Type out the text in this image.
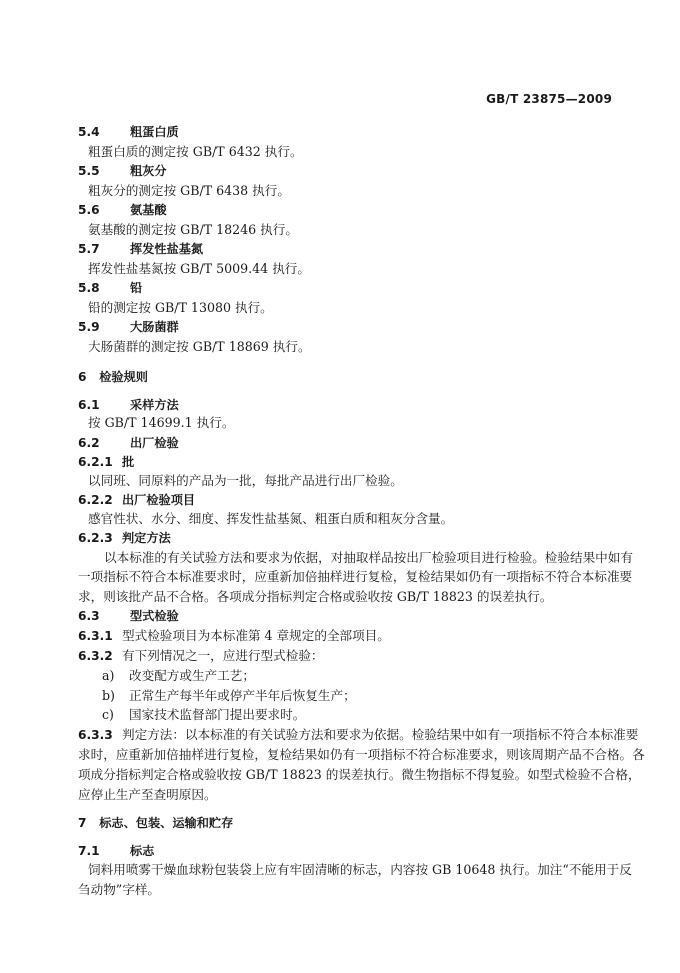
GB/T 23875—2009
5.4 粗蛋白质
粗蛋白质的测定按 GB/T 6432 执行。
5.5 粗灰分
粗灰分的测定按 GB/T 6438 执行。
5.6 氨基酸
氨基酸的测定按 GB/T 18246 执行。
5.7 挥发性盐基氮
挥发性盐基氮按 GB/T 5009.44 执行。
5.8 铅
铅的测定按 GB/T 13080 执行。
5.9 大肠菌群
大肠菌群的测定按 GB/T 18869 执行。
6   检验规则
6.1 采样方法
按 GB/T 14699.1 执行。
6.2 出厂检验
6.2.1 批
以同班、同原料的产品为一批，每批产品进行出厂检验。
6.2.2 出厂检验项目
感官性状、水分、细度、挥发性盐基氮、粗蛋白质和粗灰分含量。
6.2.3 判定方法
以本标准的有关试验方法和要求为依据，对抽取样品按出厂检验项目进行检验。检验结果中如有
一项指标不符合本标准要求时，应重新加倍抽样进行复检，复检结果如仍有一项指标不符合本标准要
求，则该批产品不合格。各项成分指标判定合格或验收按 GB/T 18823 的误差执行。
6.3 型式检验
6.3.1 型式检验项目为本标准第 4 章规定的全部项目。
6.3.2 有下列情况之一，应进行型式检验：
a) 改变配方或生产工艺；
b) 正常生产每半年或停产半年后恢复生产；
c) 国家技术监督部门提出要求时。
6.3.3 判定方法：以本标准的有关试验方法和要求为依据。检验结果中如有一项指标不符合本标准要
求时，应重新加倍抽样进行复检，复检结果如仍有一项指标不符合标准要求，则该周期产品不合格。各
项成分指标判定合格或验收按 GB/T 18823 的误差执行。微生物指标不得复验。如型式检验不合格，
应停止生产至查明原因。
7   标志、包装、运输和贮存
7.1 标志
饲料用喷雾干燥血球粉包装袋上应有牢固清晰的标志，内容按 GB 10648 执行。加注“不能用于反
刍动物”字样。
